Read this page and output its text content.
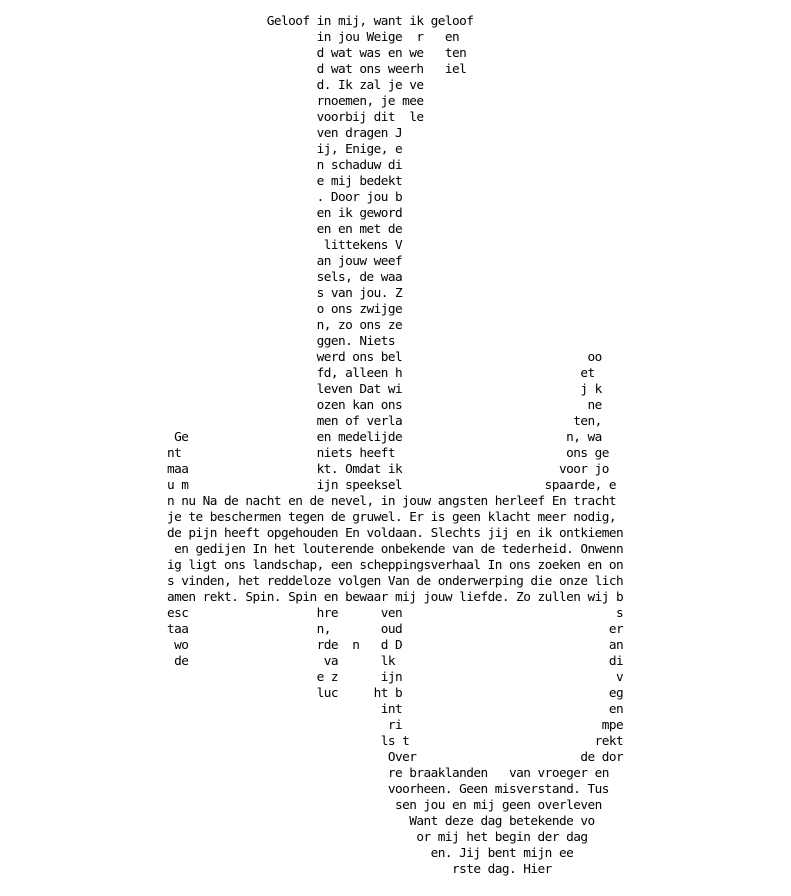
Geloof in mij, want ik geloof
in jou Weige  r   en
d wat was en we   ten
d wat ons weerh   iel
d. Ik zal je ve
rnoemen, je mee
voorbij dit  le
ven dragen J
ij, Enige, e
n schaduw di
e mij bedekt
. Door jou b
en ik geword
en en met de
littekens V
an jouw weef
sels, de waa
s van jou. Z
o ons zwijge
n, zo ons ze
ggen. Niets
werd ons bel                          oo
fd, alleen h                         et
leven Dat wi                         j k
ozen kan ons                          ne
men of verla                        ten,
Ge                  en medelijde                       n, wa
nt                   niets heeft                        ons ge
maa                  kt. Omdat ik                      voor jo
u m                  ijn speeksel                    spaarde, e
n nu Na de nacht en de nevel, in jouw angsten herleef En tracht
je te beschermen tegen de gruwel. Er is geen klacht meer nodig,
de pijn heeft opgehouden En voldaan. Slechts jij en ik ontkiemen
en gedijen In het louterende onbekende van de tederheid. Onwenn
ig ligt ons landschap, een scheppingsverhaal In ons zoeken en on
s vinden, het reddeloze volgen Van de onderwerping die onze lich
amen rekt. Spin. Spin en bewaar mij jouw liefde. Zo zullen wij b
esc                  hre      ven                              s
taa                  n,       oud                             er
wo                  rde  n   d D                             an
de                   va      lk                              di
e z      ijn                              v
luc     ht b                             eg
int                             en
ri                            mpe
ls t                          rekt
Over                       de dor
re braaklanden   van vroeger en
voorheen. Geen misverstand. Tus
sen jou en mij geen overleven
Want deze dag betekende vo
or mij het begin der dag
en. Jij bent mijn ee
rste dag. Hier
